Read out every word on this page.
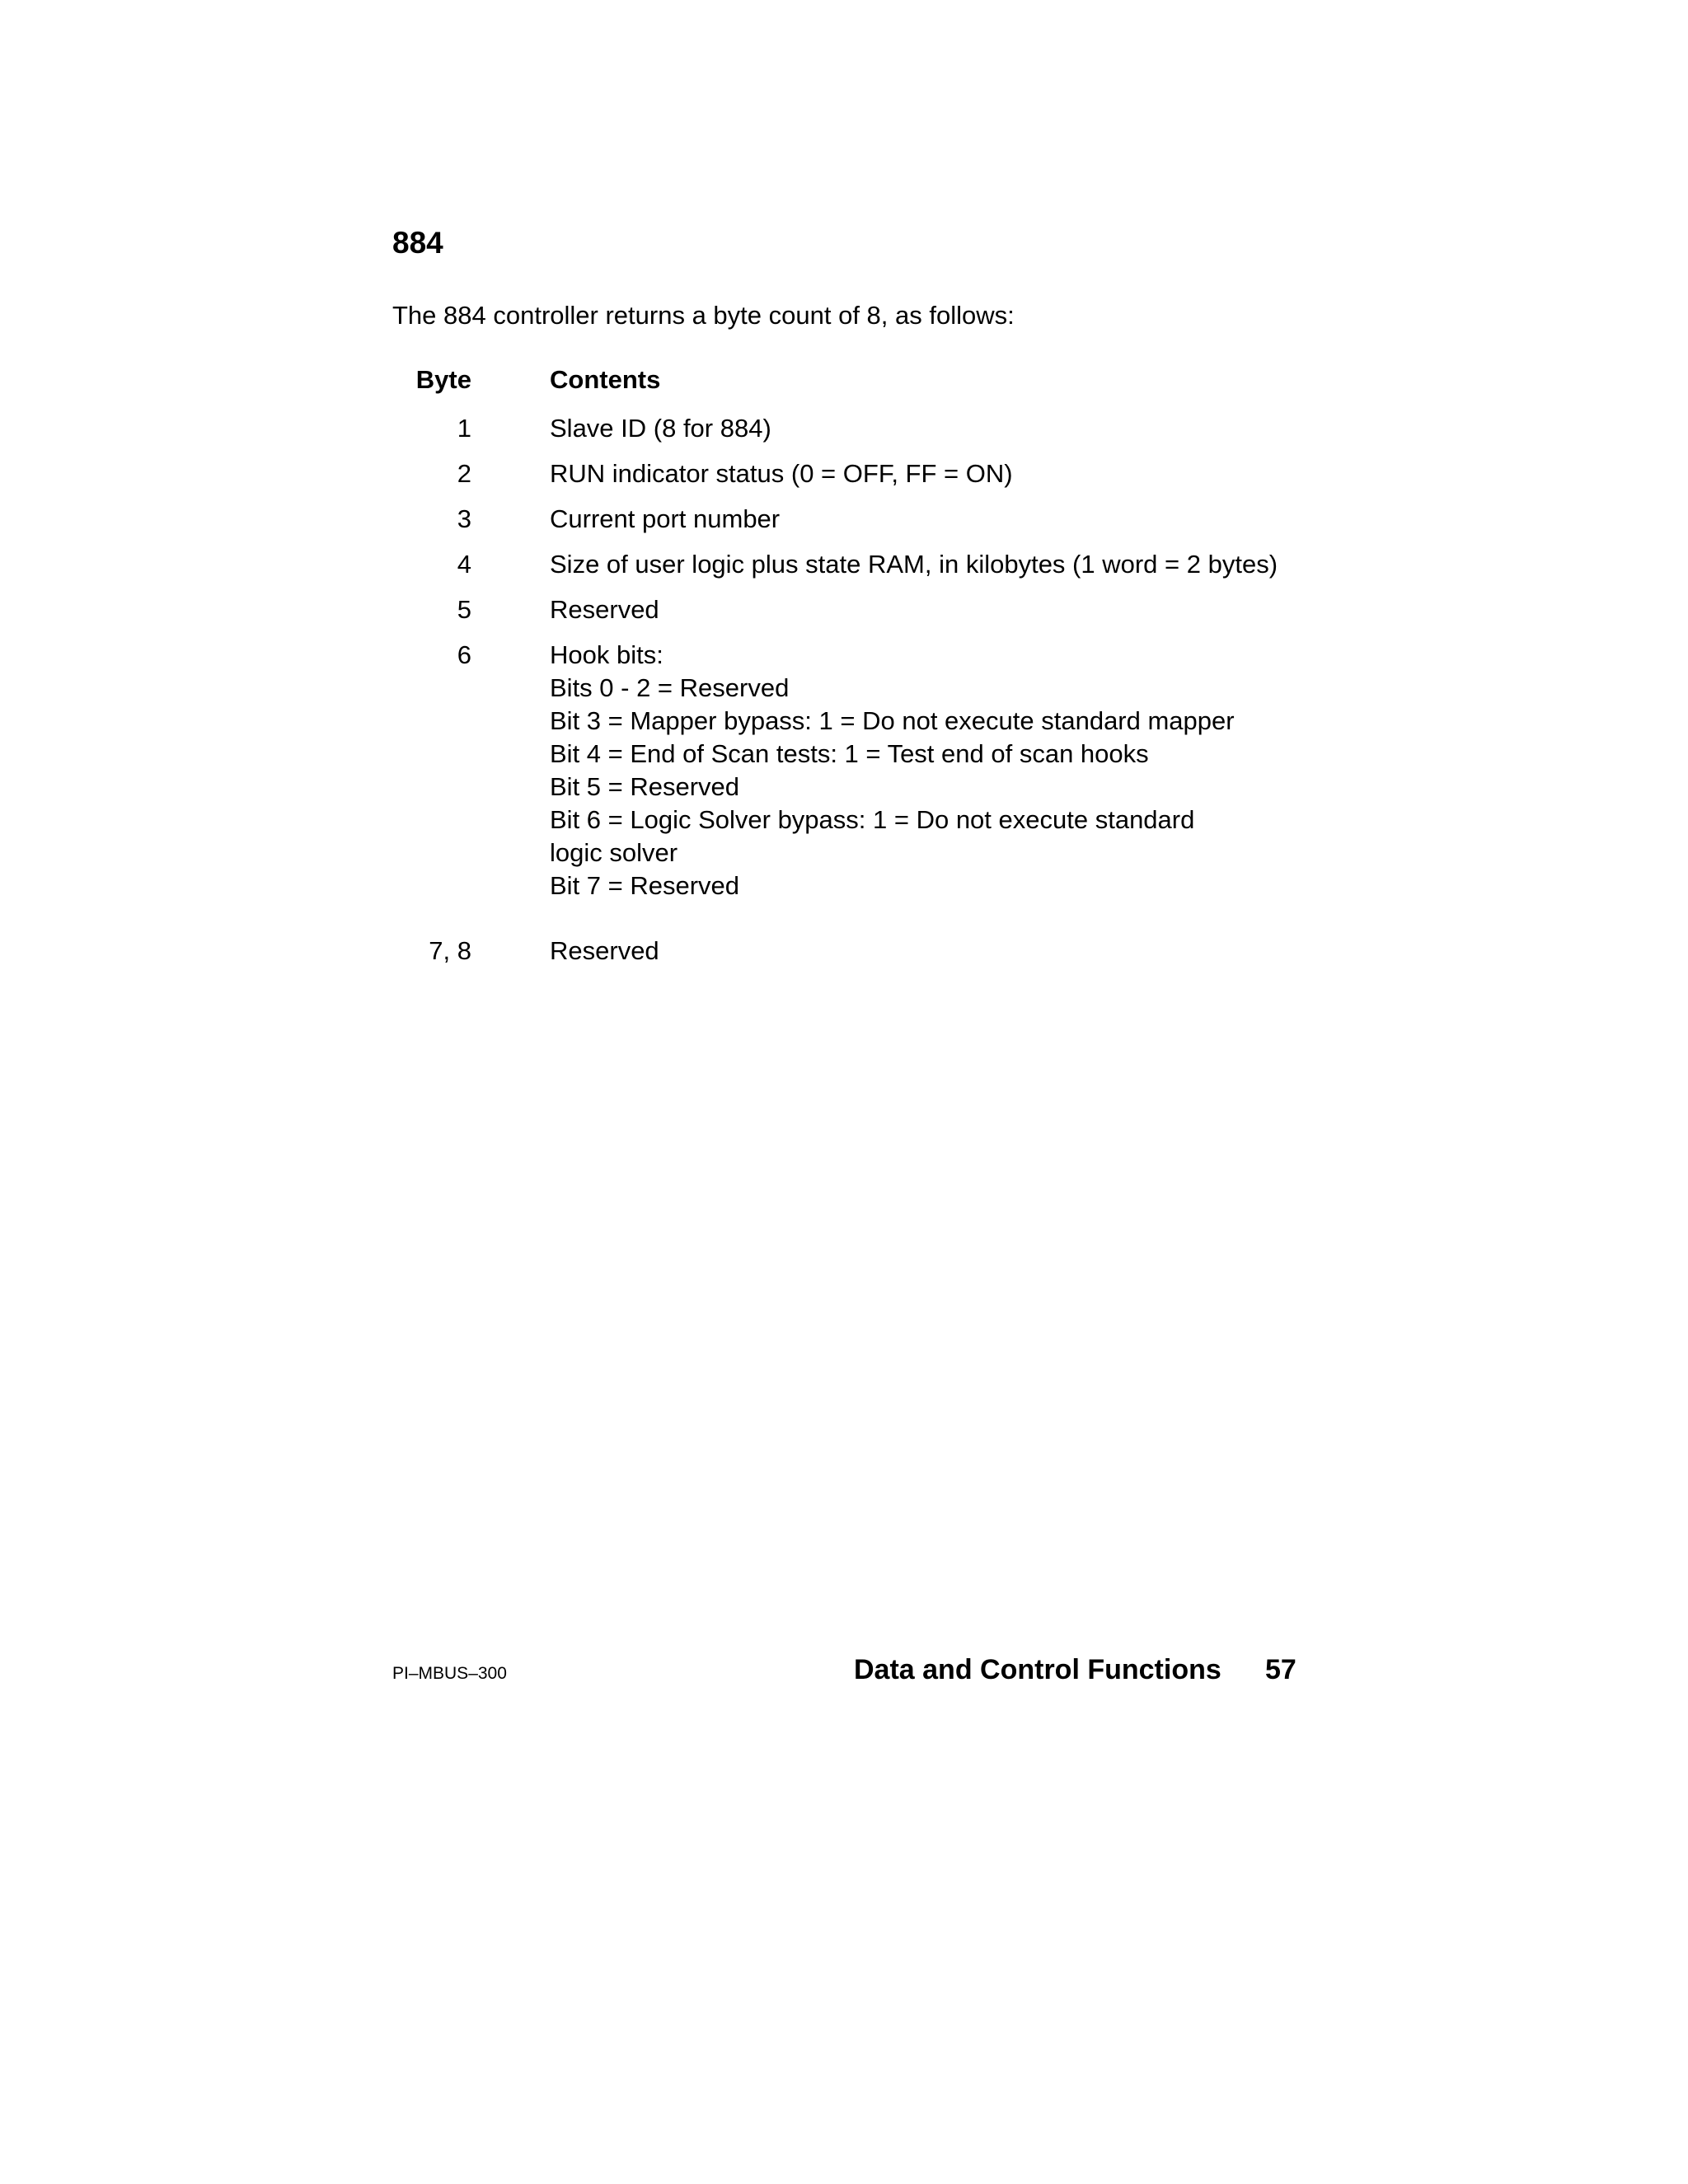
884

The 884 controller returns a byte count of 8, as follows:

Byte	Contents
1	Slave ID (8 for 884)
2	RUN indicator status (0 = OFF, FF = ON)
3	Current port number
4	Size of user logic plus state RAM, in kilobytes (1 word = 2 bytes)
5	Reserved
6	Hook bits:
Bits 0 - 2 = Reserved
Bit 3 = Mapper bypass: 1 = Do not execute standard mapper
Bit 4 = End of Scan tests: 1 = Test end of scan hooks
Bit 5 = Reserved
Bit 6 = Logic Solver bypass: 1 = Do not execute standard
logic solver
Bit 7 = Reserved
7, 8	Reserved
PI–MBUS–300	Data and Control Functions 57
